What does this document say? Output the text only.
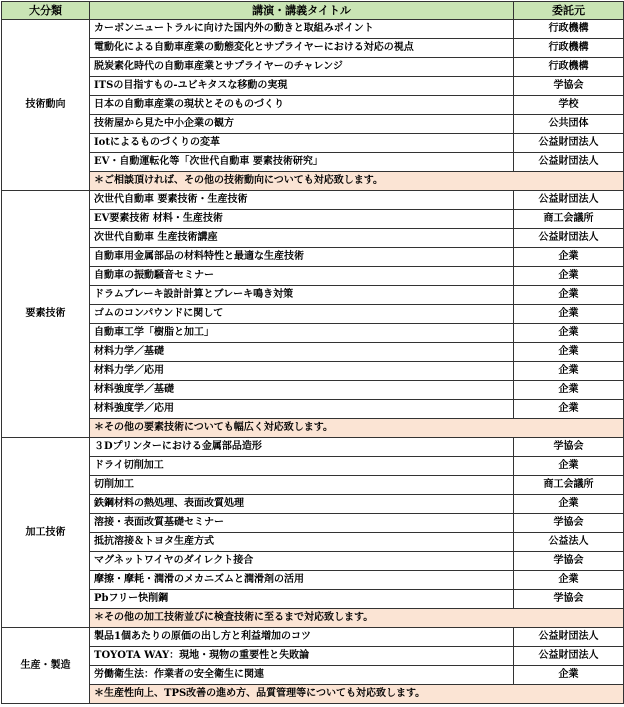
大分類	講演・講義タイトル	委託元
技術動向	カーボンニュートラルに向けた国内外の動きと取組みポイント	行政機構
	電動化による自動車産業の動態変化とサプライヤーにおける対応の視点	行政機構
	脱炭素化時代の自動車産業とサプライヤーのチャレンジ	行政機構
	ITSの目指すもの-ユビキタスな移動の実現	学協会
	日本の自動車産業の現状とそのものづくり	学校
	技術屋から見た中小企業の観方	公共団体
	Iotによるものづくりの変革	公益財団法人
	EV・自動運転化等「次世代自動車 要素技術研究」	公益財団法人
	＊ご相談頂ければ、その他の技術動向についても対応致します。	
要素技術	次世代自動車 要素技術・生産技術	公益財団法人
	EV要素技術 材料・生産技術	商工会議所
	次世代自動車 生産技術講座	公益財団法人
	自動車用金属部品の材料特性と最適な生産技術	企業
	自動車の振動騒音セミナー	企業
	ドラムブレーキ設計計算とブレーキ鳴き対策	企業
	ゴムのコンパウンドに関して	企業
	自動車工学「樹脂と加工」	企業
	材料力学／基礎	企業
	材料力学／応用	企業
	材料強度学／基礎	企業
	材料強度学／応用	企業
	＊その他の要素技術についても幅広く対応致します。	
加工技術	３Dプリンターにおける金属部品造形	学協会
	ドライ切削加工	企業
	切削加工	商工会議所
	鉄鋼材料の熱処理、表面改質処理	企業
	溶接・表面改質基礎セミナー	学協会
	抵抗溶接＆トヨタ生産方式	公益法人
	マグネットワイヤのダイレクト接合	学協会
	摩擦・摩耗・潤滑のメカニズムと潤滑剤の活用	企業
	Pbフリー快削鋼	学協会
	＊その他の加工技術並びに検査技術に至るまで対応致します。	
生産・製造	製品1個あたりの原価の出し方と利益増加のコツ	公益財団法人
	TOYOTA WAY：現地・現物の重要性と失敗論	公益財団法人
	労働衛生法：作業者の安全衛生に関連	企業
	＊生産性向上、TPS改善の進め方、品質管理等についても対応致します。	
